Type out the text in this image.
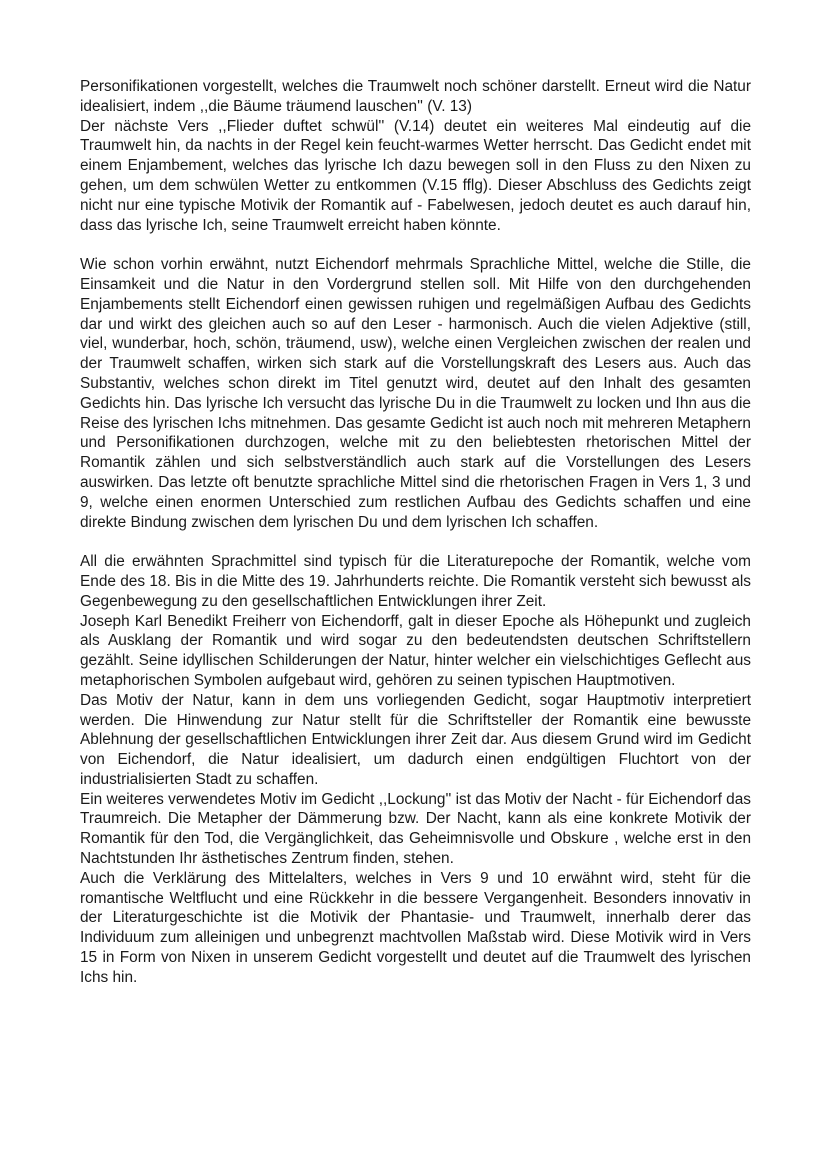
Personifikationen vorgestellt, welches die Traumwelt noch schöner darstellt. Erneut wird die Natur idealisiert, indem ,,die Bäume träumend lauschen'' (V. 13)

Der nächste Vers ,,Flieder duftet schwül'' (V.14) deutet ein weiteres Mal eindeutig auf die Traumwelt hin, da nachts in der Regel kein feucht-warmes Wetter herrscht. Das Gedicht endet mit einem Enjambement, welches das lyrische Ich dazu bewegen soll in den Fluss zu den Nixen zu gehen, um dem schwülen Wetter zu entkommen (V.15 fflg). Dieser Abschluss des Gedichts zeigt nicht nur eine typische Motivik der Romantik auf - Fabelwesen, jedoch deutet es auch darauf hin, dass das lyrische Ich, seine Traumwelt erreicht haben könnte.

Wie schon vorhin erwähnt, nutzt Eichendorf mehrmals Sprachliche Mittel, welche die Stille, die Einsamkeit und die Natur in den Vordergrund stellen soll. Mit Hilfe von den durchgehenden Enjambements stellt Eichendorf einen gewissen ruhigen und regelmäßigen Aufbau des Gedichts dar und wirkt des gleichen auch so auf den Leser - harmonisch. Auch die vielen Adjektive (still, viel, wunderbar, hoch, schön, träumend, usw), welche einen Vergleichen zwischen der realen und der Traumwelt schaffen, wirken sich stark auf die Vorstellungskraft des Lesers aus. Auch das Substantiv, welches schon direkt im Titel genutzt wird, deutet auf den Inhalt des gesamten Gedichts hin. Das lyrische Ich versucht das lyrische Du in die Traumwelt zu locken und Ihn aus die Reise des lyrischen Ichs mitnehmen. Das gesamte Gedicht ist auch noch mit mehreren Metaphern und Personifikationen durchzogen, welche mit zu den beliebtesten rhetorischen Mittel der Romantik zählen und sich selbstverständlich auch stark auf die Vorstellungen des Lesers auswirken. Das letzte oft benutzte sprachliche Mittel sind die rhetorischen Fragen in Vers 1, 3 und 9, welche einen enormen Unterschied zum restlichen Aufbau des Gedichts schaffen und eine direkte Bindung zwischen dem lyrischen Du und dem lyrischen Ich schaffen.

All die erwähnten Sprachmittel sind typisch für die Literaturepoche der Romantik, welche vom Ende des 18. Bis in die Mitte des 19. Jahrhunderts reichte. Die Romantik versteht sich bewusst als Gegenbewegung zu den gesellschaftlichen Entwicklungen ihrer Zeit.

Joseph Karl Benedikt Freiherr von Eichendorff, galt in dieser Epoche als Höhepunkt und zugleich als Ausklang der Romantik und wird sogar zu den bedeutendsten deutschen Schriftstellern gezählt. Seine idyllischen Schilderungen der Natur, hinter welcher ein vielschichtiges Geflecht aus metaphorischen Symbolen aufgebaut wird, gehören zu seinen typischen Hauptmotiven.

Das Motiv der Natur, kann in dem uns vorliegenden Gedicht, sogar Hauptmotiv interpretiert werden. Die Hinwendung zur Natur stellt für die Schriftsteller der Romantik eine bewusste Ablehnung der gesellschaftlichen Entwicklungen ihrer Zeit dar. Aus diesem Grund wird im Gedicht von Eichendorf, die Natur idealisiert, um dadurch einen endgültigen Fluchtort von der industrialisierten Stadt zu schaffen.

Ein weiteres verwendetes Motiv im Gedicht ,,Lockung'' ist das Motiv der Nacht - für Eichendorf das Traumreich. Die Metapher der Dämmerung bzw. Der Nacht, kann als eine konkrete Motivik der Romantik für den Tod, die Vergänglichkeit, das Geheimnisvolle und Obskure , welche erst in den Nachtstunden Ihr ästhetisches Zentrum finden, stehen.

Auch die Verklärung des Mittelalters, welches in Vers 9 und 10 erwähnt wird, steht für die romantische Weltflucht und eine Rückkehr in die bessere Vergangenheit. Besonders innovativ in der Literaturgeschichte ist die Motivik der Phantasie- und Traumwelt, innerhalb derer das Individuum zum alleinigen und unbegrenzt machtvollen Maßstab wird. Diese Motivik wird in Vers 15 in Form von Nixen in unserem Gedicht vorgestellt und deutet auf die Traumwelt des lyrischen Ichs hin.
